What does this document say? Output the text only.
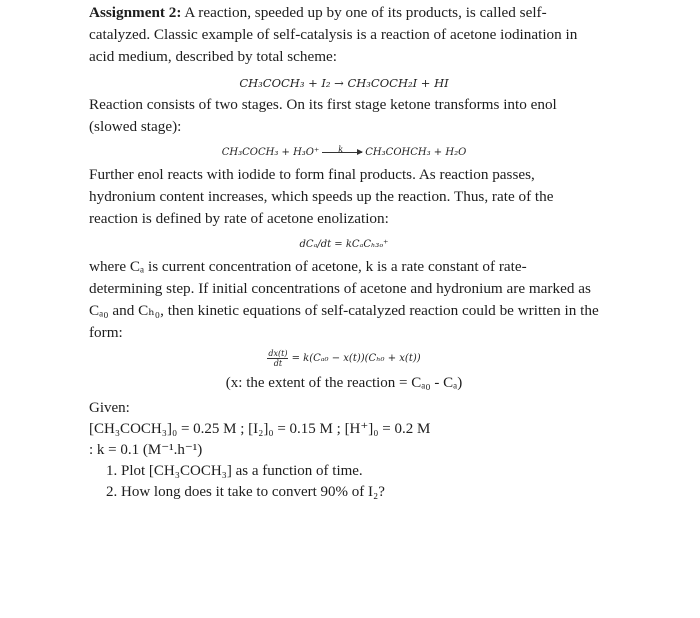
Assignment 2: A reaction, speeded up by one of its products, is called self-catalyzed. Classic example of self-catalysis is a reaction of acetone iodination in acid medium, described by total scheme:

CH₃COCH₃ + I₂ → CH₃COCH₂I + HI

Reaction consists of two stages. On its first stage ketone transforms into enol (slowed stage):

CH₃COCH₃ + H₃O⁺ k CH₃COHCH₃ + H₂O

Further enol reacts with iodide to form final products. As reaction passes, hydronium content increases, which speeds up the reaction. Thus, rate of the reaction is defined by rate of acetone enolization:

dCₐ/dt = kCₐCₕ₃ₒ⁺

where Cₐ is current concentration of acetone, k is a rate constant of rate-determining step. If initial concentrations of acetone and hydronium are marked as Cₐ₀ and Cₕ₀, then kinetic equations of self-catalyzed reaction could be written in the form:

$\frac{dx(t)}{dt} = k(C_{a0} - x(t))(C_{h0} + x(t))$
(x: the extent of the reaction = Cₐ₀ - Cₐ)
Given:
[CH₃COCH₃]₀ = 0.25 M ; [I₂]₀ = 0.15 M ; [H⁺]₀ = 0.2 M
: k = 0.1 (M⁻¹.h⁻¹)
1. Plot [CH₃COCH₃] as a function of time.
2. How long does it take to convert 90% of I₂?
